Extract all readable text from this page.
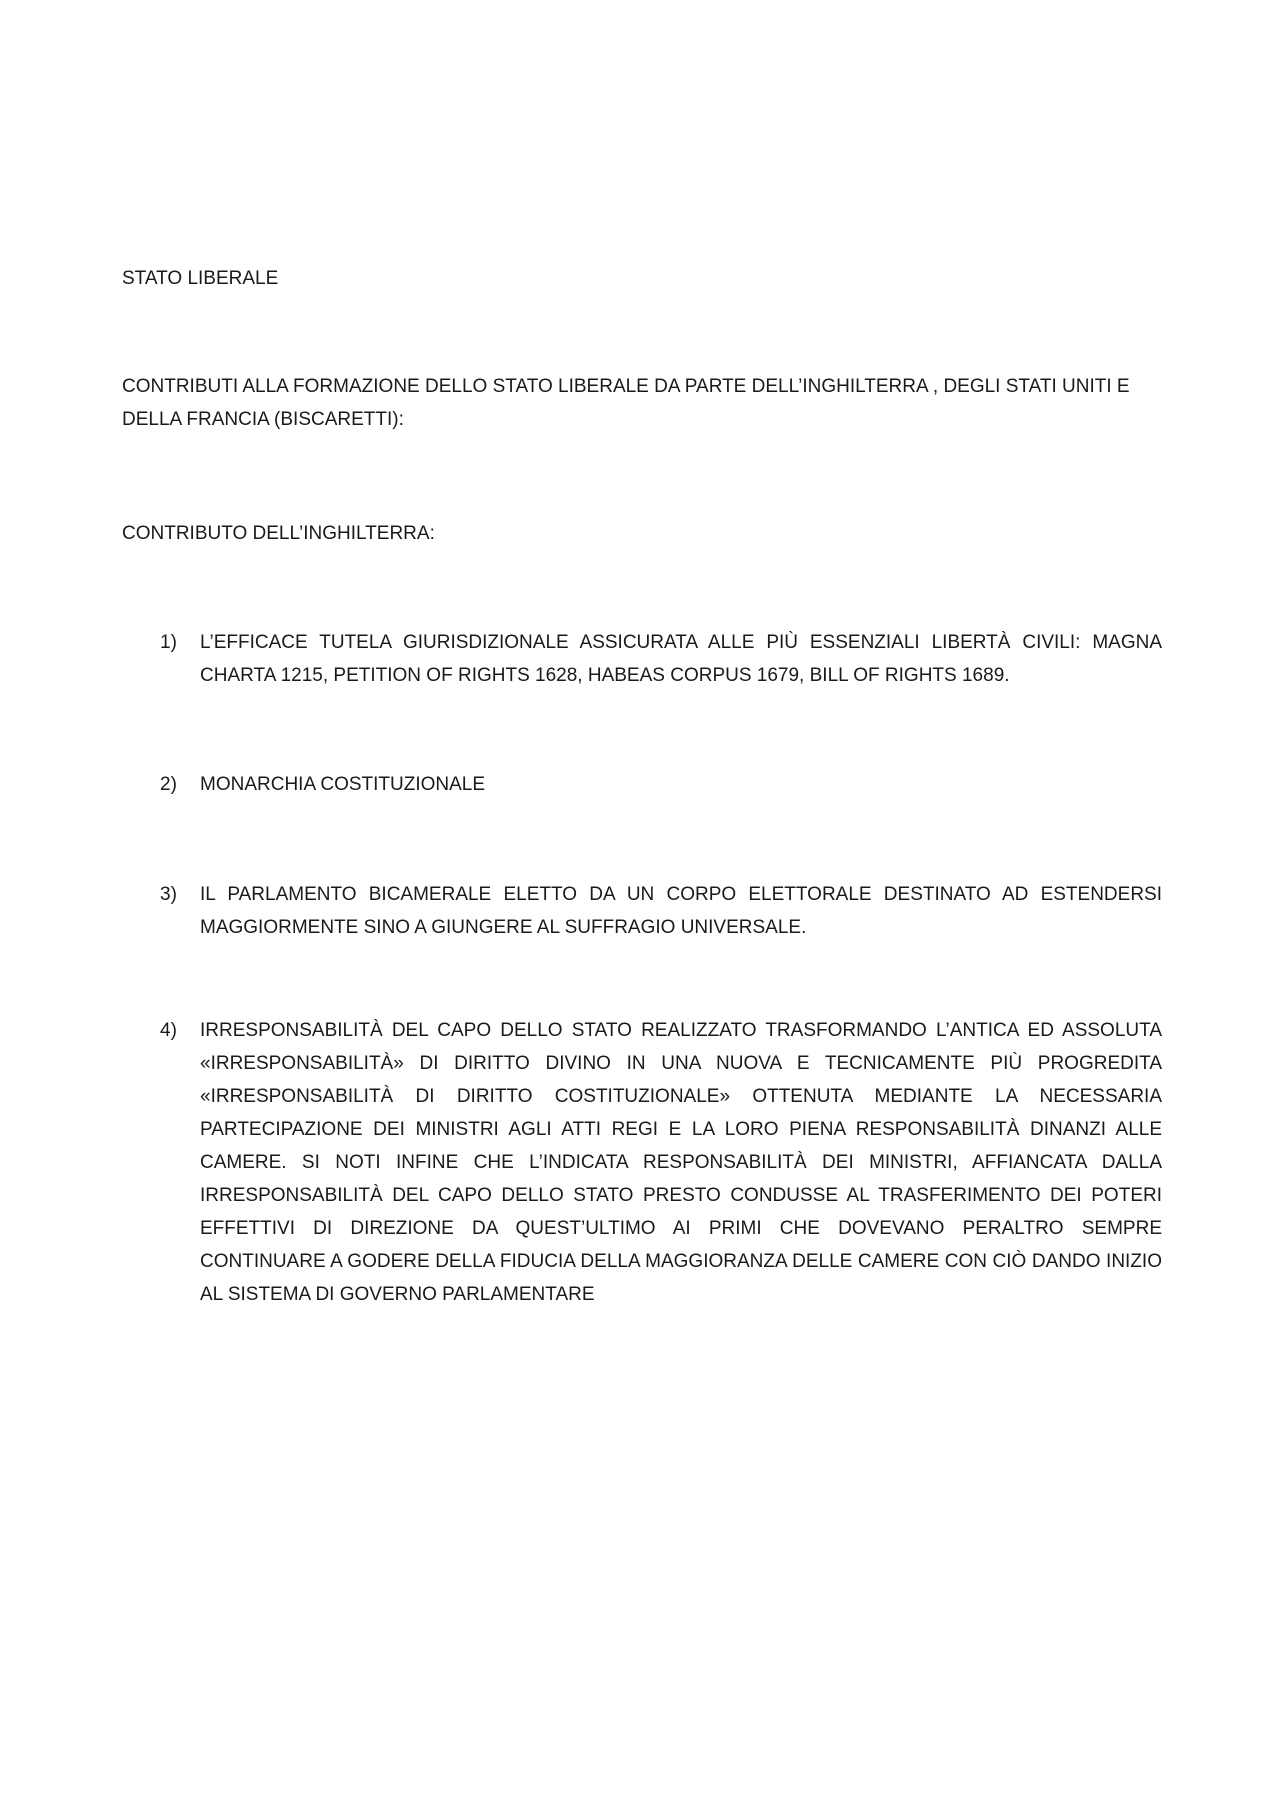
STATO LIBERALE

CONTRIBUTI ALLA FORMAZIONE DELLO STATO LIBERALE DA PARTE DELL’INGHILTERRA , DEGLI STATI UNITI E DELLA FRANCIA (BISCARETTI):

CONTRIBUTO DELL’INGHILTERRA:
1)	L’EFFICACE TUTELA GIURISDIZIONALE ASSICURATA ALLE PIÙ ESSENZIALI LIBERTÀ CIVILI: MAGNA CHARTA 1215, PETITION OF RIGHTS 1628, HABEAS CORPUS 1679, BILL OF RIGHTS 1689.

2)	MONARCHIA COSTITUZIONALE

3)	IL PARLAMENTO BICAMERALE ELETTO DA UN CORPO ELETTORALE DESTINATO AD ESTENDERSI MAGGIORMENTE SINO A GIUNGERE AL SUFFRAGIO UNIVERSALE.

4)	IRRESPONSABILITÀ DEL CAPO DELLO STATO REALIZZATO TRASFORMANDO L’ANTICA ED ASSOLUTA «IRRESPONSABILITÀ» DI DIRITTO DIVINO IN UNA NUOVA E TECNICAMENTE PIÙ PROGREDITA «IRRESPONSABILITÀ DI DIRITTO COSTITUZIONALE» OTTENUTA MEDIANTE LA NECESSARIA PARTECIPAZIONE DEI MINISTRI AGLI ATTI REGI E LA LORO PIENA RESPONSABILITÀ DINANZI ALLE CAMERE. SI NOTI INFINE CHE L’INDICATA RESPONSABILITÀ DEI MINISTRI, AFFIANCATA DALLA IRRESPONSABILITÀ DEL CAPO DELLO STATO PRESTO CONDUSSE AL TRASFERIMENTO DEI POTERI EFFETTIVI DI DIREZIONE DA QUEST’ULTIMO AI PRIMI CHE DOVEVANO PERALTRO SEMPRE CONTINUARE A GODERE DELLA FIDUCIA DELLA MAGGIORANZA DELLE CAMERE CON CIÒ DANDO INIZIO AL SISTEMA DI GOVERNO PARLAMENTARE
